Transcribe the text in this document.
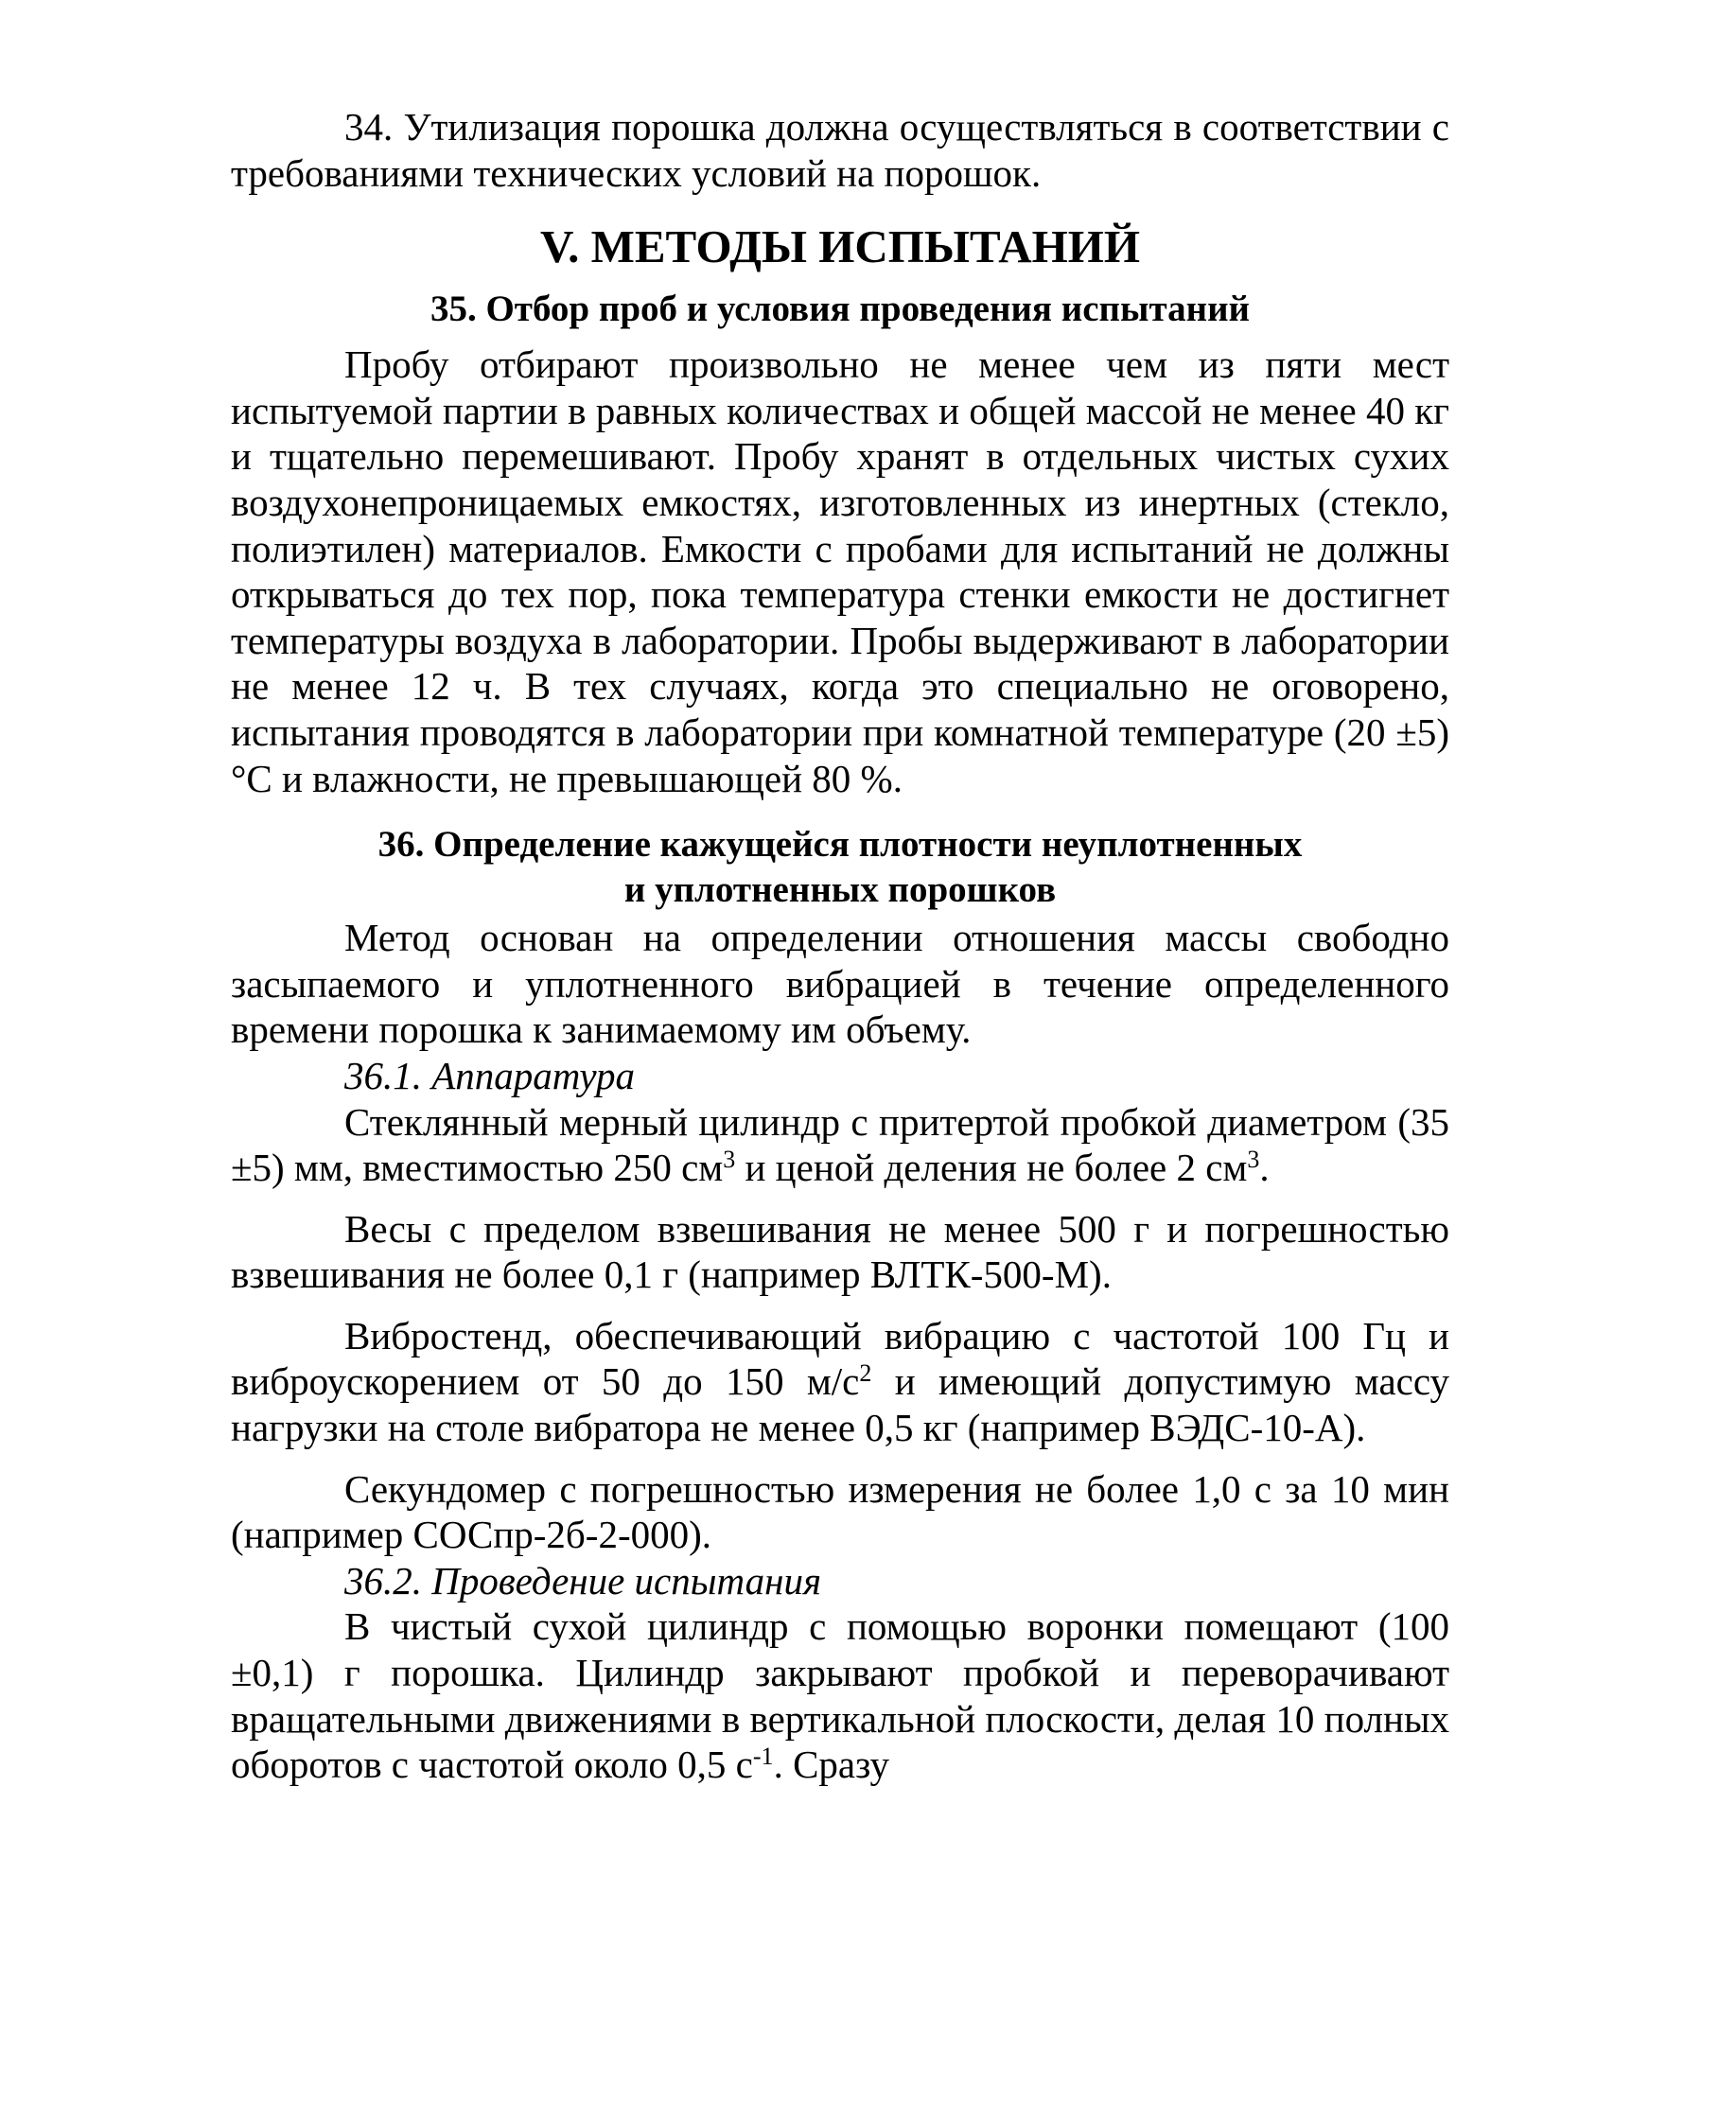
34. Утилизация порошка должна осуществляться в соответствии с требованиями технических условий на порошок.

V. МЕТОДЫ ИСПЫТАНИЙ
35. Отбор проб и условия проведения испытаний

Пробу отбирают произвольно не менее чем из пяти мест испытуемой партии в равных количествах и общей массой не менее 40 кг и тщательно перемешивают. Пробу хранят в отдельных чистых сухих воздухонепроницаемых емкостях, изготовленных из инертных (стекло, полиэтилен) материалов. Емкости с пробами для испытаний не должны открываться до тех пор, пока температура стенки емкости не достигнет температуры воздуха в лаборатории. Пробы выдерживают в лаборатории не менее 12 ч. В тех случаях, когда это специально не оговорено, испытания проводятся в лаборатории при комнатной температуре (20 ±5) °С и влажности, не превышающей 80 %.

36. Определение кажущейся плотности неуплотненных
и уплотненных порошков

Метод основан на определении отношения массы свободно засыпаемого и уплотненного вибрацией в течение определенного времени порошка к занимаемому им объему.

36.1. Аппаратура

Стеклянный мерный цилиндр с притертой пробкой диаметром (35 ±5) мм, вместимостью 250 $см^3$ и ценой деления не более 2 $см^3$.

Весы с пределом взвешивания не менее 500 г и погрешностью взвешивания не более 0,1 г (например ВЛТК-500-М).

Вибростенд, обеспечивающий вибрацию с частотой 100 Гц и виброускорением от 50 до 150 $м/с^2$ и имеющий допустимую массу нагрузки на столе вибратора не менее 0,5 кг (например ВЭДС-10-А).

Секундомер с погрешностью измерения не более 1,0 с за 10 мин (например СОСпр-2б-2-000).

36.2. Проведение испытания

В чистый сухой цилиндр с помощью воронки помещают (100 ±0,1) г порошка. Цилиндр закрывают пробкой и переворачивают вращательными движениями в вертикальной плоскости, делая 10 полных оборотов с частотой около 0,5 $с^{-1}$. Сразу
